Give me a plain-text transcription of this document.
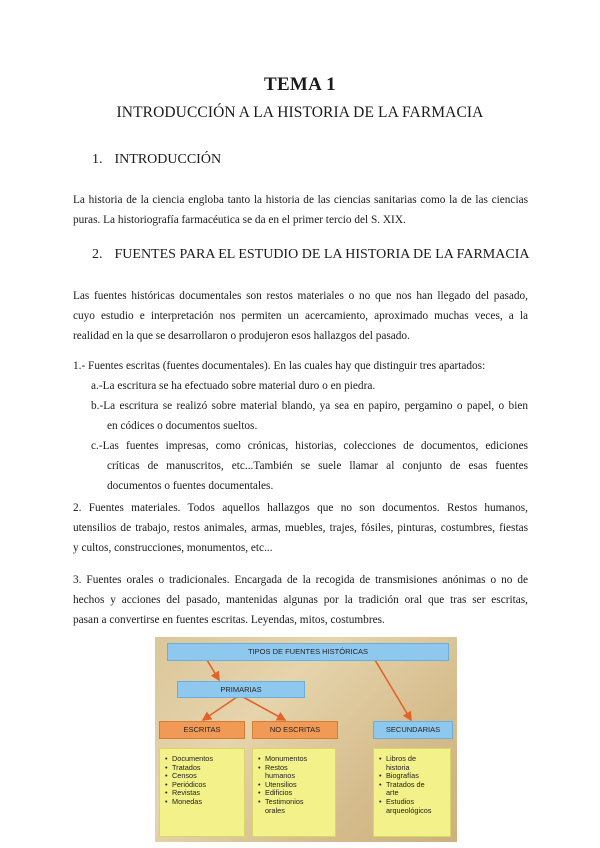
TEMA 1
INTRODUCCIÓN A LA HISTORIA DE LA FARMACIA
1. INTRODUCCIÓN
La historia de la ciencia engloba tanto la historia de las ciencias sanitarias como la de las ciencias
puras. La historiografía farmacéutica se da en el primer tercio del S. XIX.
2. FUENTES PARA EL ESTUDIO DE LA HISTORIA DE LA FARMACIA
Las fuentes históricas documentales son restos materiales o no que nos han llegado del pasado,
cuyo estudio e interpretación nos permiten un acercamiento, aproximado muchas veces, a la
realidad en la que se desarrollaron o produjeron esos hallazgos del pasado.
1.- Fuentes escritas (fuentes documentales). En las cuales hay que distinguir tres apartados:
a.-La escritura se ha efectuado sobre material duro o en piedra.
b.-La escritura se realizó sobre material blando, ya sea en papiro, pergamino o papel, o bien
en códices o documentos sueltos.
c.-Las fuentes impresas, como crónicas, historias, colecciones de documentos, ediciones
críticas de manuscritos, etc...También se suele llamar al conjunto de esas fuentes
documentos o fuentes documentales.
2. Fuentes materiales. Todos aquellos hallazgos que no son documentos. Restos humanos,
utensilios de trabajo, restos animales, armas, muebles, trajes, fósiles, pinturas, costumbres, fiestas
y cultos, construcciones, monumentos, etc...
3. Fuentes orales o tradicionales. Encargada de la recogida de transmisiones anónimas o no de
hechos y acciones del pasado, mantenidas algunas por la tradición oral que tras ser escritas,
pasan a convertirse en fuentes escritas. Leyendas, mitos, costumbres.
TIPOS DE FUENTES HISTÓRICAS
PRIMARIAS
ESCRITAS	NO ESCRITAS	SECUNDARIAS
• Documentos
• Tratados
• Censos
• Periódicos
• Revistas
• Monedas
• Monumentos
• Restos
humanos
• Utensilios
• Edificios
• Testimonios
orales
• Libros de
historia
• Biografías
• Tratados de
arte
• Estudios
arqueológicos
